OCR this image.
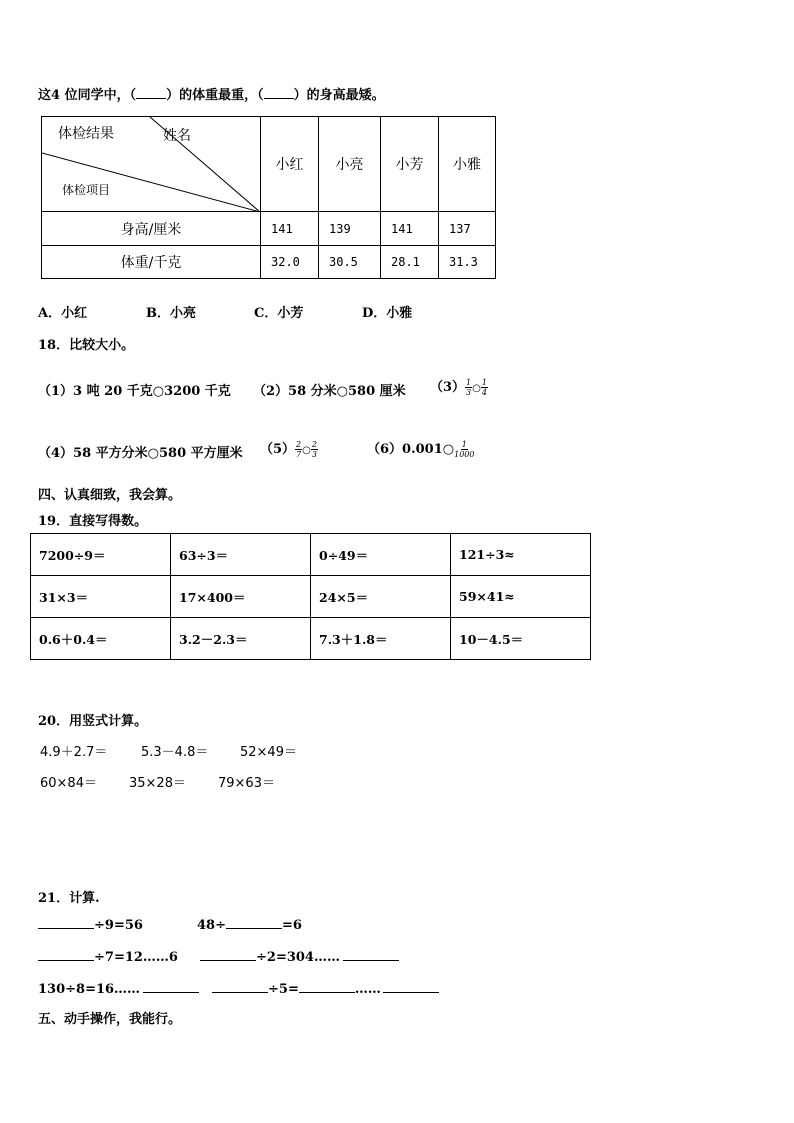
这4 位同学中，（ ）的体重最重，（ ）的身高最矮。
体检结果 姓名
体检项目	小红	小亮	小芳	小雅
身高/厘米	141	139	141	137
体重/千克	32.0	30.5	28.1	31.3
A．小红	B．小亮	C．小芳	D．小雅
18．比较大小。
（1）3 吨 20 千克○3200 千克 （2）58 分米○580 厘米 $(3) \frac{1}{3}$ ○ $\frac{1}{4}$
（4）58 平方分米○580 平方厘米 $(5) \frac{2}{7}$ ○ $\frac{2}{3}$	（6）0.001○ $\frac{1}{1000}$
四、认真细致，我会算。
19．直接写得数。
7200÷9＝	63÷3＝	0÷49＝	121÷3≈
31×3＝	17×400＝	24×5＝	59×41≈
0.6＋0.4＝	3.2－2.3＝	7.3＋1.8＝	10－4.5＝
20．用竖式计算。
4.9＋2.7＝	5.3－4.8＝ 52×49＝
60×84＝ 35×28＝ 79×63＝
21．计算.
÷9=56	48÷	=6
÷7=12……6	÷2=304……
130÷8=16……	÷5=	……
五、动手操作，我能行。
